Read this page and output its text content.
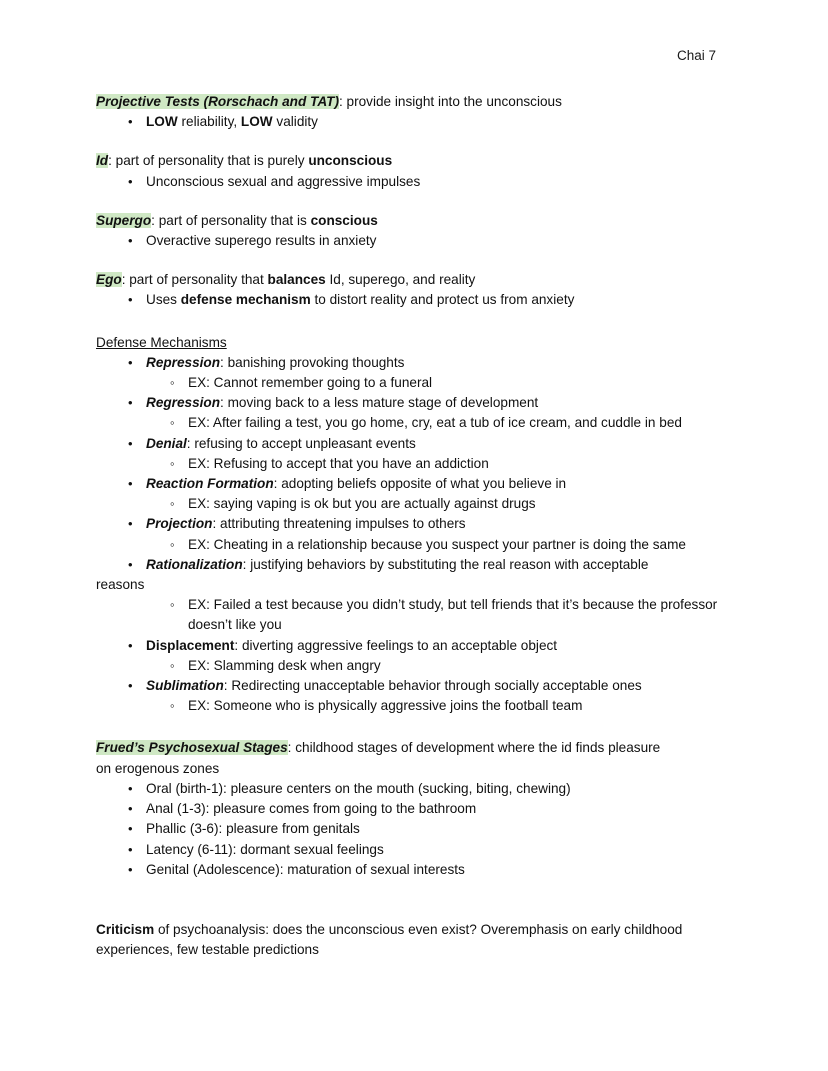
Chai 7

Projective Tests (Rorschach and TAT): provide insight into the unconscious

• LOW reliability, LOW validity

Id: part of personality that is purely unconscious

• Unconscious sexual and aggressive impulses

Supergo: part of personality that is conscious

• Overactive superego results in anxiety

Ego: part of personality that balances Id, superego, and reality

• Uses defense mechanism to distort reality and protect us from anxiety

Defense Mechanisms

• Repression: banishing provoking thoughts
◦ EX: Cannot remember going to a funeral
• Regression: moving back to a less mature stage of development
◦ EX: After failing a test, you go home, cry, eat a tub of ice cream, and cuddle in bed
• Denial: refusing to accept unpleasant events
◦ EX: Refusing to accept that you have an addiction
• Reaction Formation: adopting beliefs opposite of what you believe in
◦ EX: saying vaping is ok but you are actually against drugs
• Projection: attributing threatening impulses to others
◦ EX: Cheating in a relationship because you suspect your partner is doing the same
• Rationalization: justifying behaviors by substituting the real reason with acceptable
reasons
◦ EX: Failed a test because you didn’t study, but tell friends that it’s because the professor doesn’t like you
• Displacement: diverting aggressive feelings to an acceptable object
◦ EX: Slamming desk when angry
• Sublimation: Redirecting unacceptable behavior through socially acceptable ones
◦ EX: Someone who is physically aggressive joins the football team

Frued’s Psychosexual Stages: childhood stages of development where the id finds pleasure

on erogenous zones

• Oral (birth-1): pleasure centers on the mouth (sucking, biting, chewing)
• Anal (1-3): pleasure comes from going to the bathroom
• Phallic (3-6): pleasure from genitals
• Latency (6-11): dormant sexual feelings
• Genital (Adolescence): maturation of sexual interests

Criticism of psychoanalysis: does the unconscious even exist? Overemphasis on early childhood experiences, few testable predictions
